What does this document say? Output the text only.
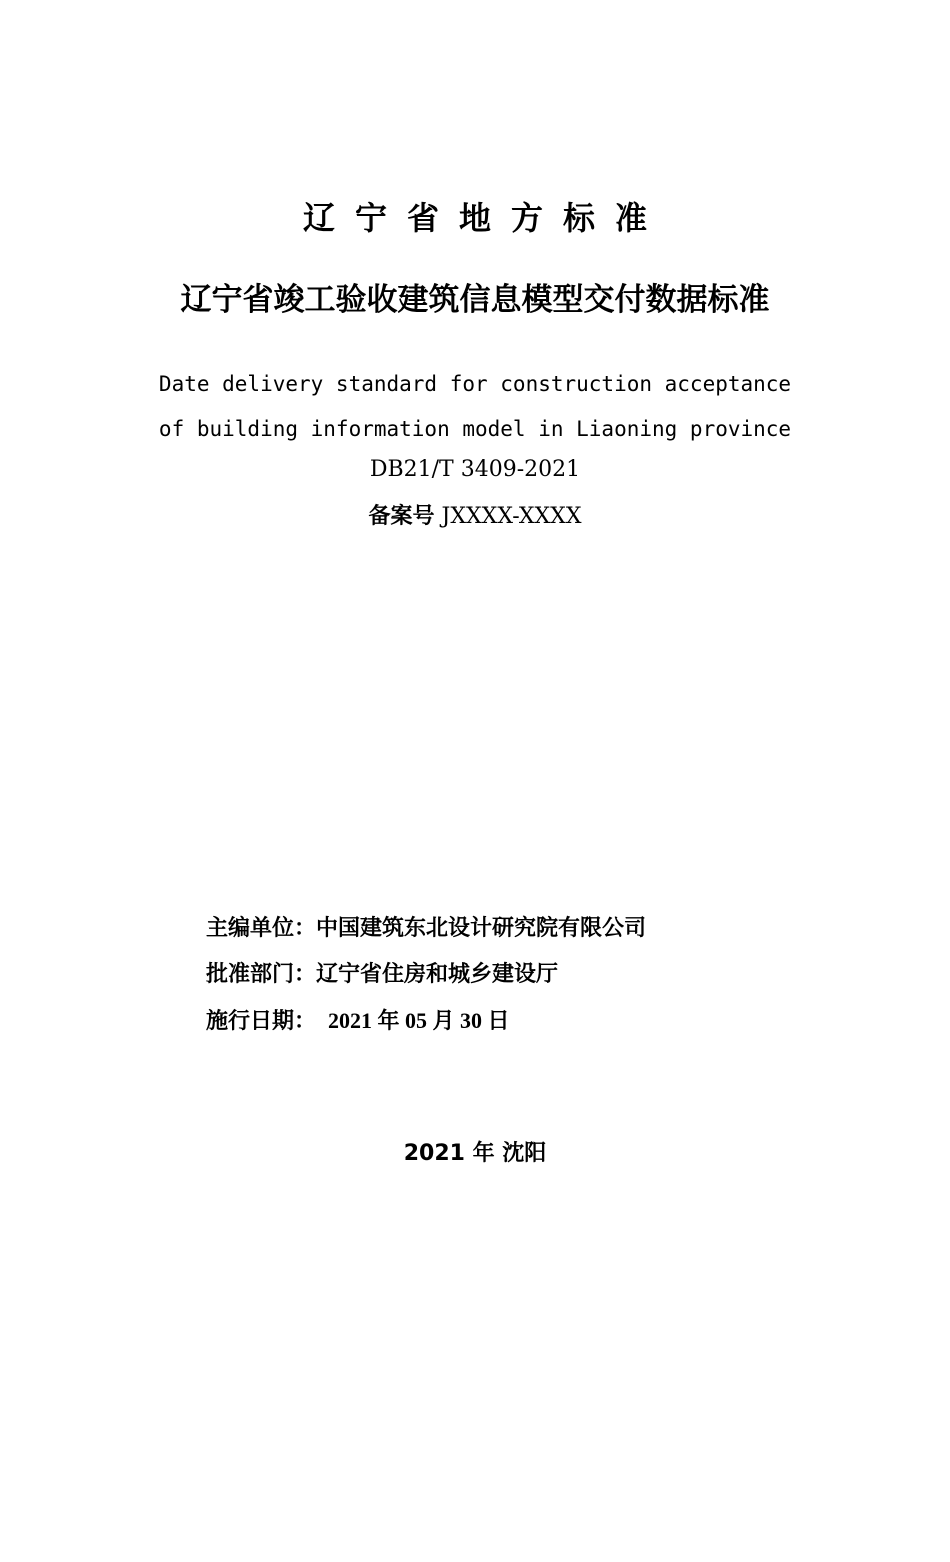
辽宁省地方标准
辽宁省竣工验收建筑信息模型交付数据标准
Date delivery standard for construction acceptance
of building information model in Liaoning province
DB21/T 3409-2021
备案号 JXXXX-XXXX
主编单位：中国建筑东北设计研究院有限公司
批准部门：辽宁省住房和城乡建设厅
施行日期： 2021 年 05 月 30 日
2021 年 沈阳
